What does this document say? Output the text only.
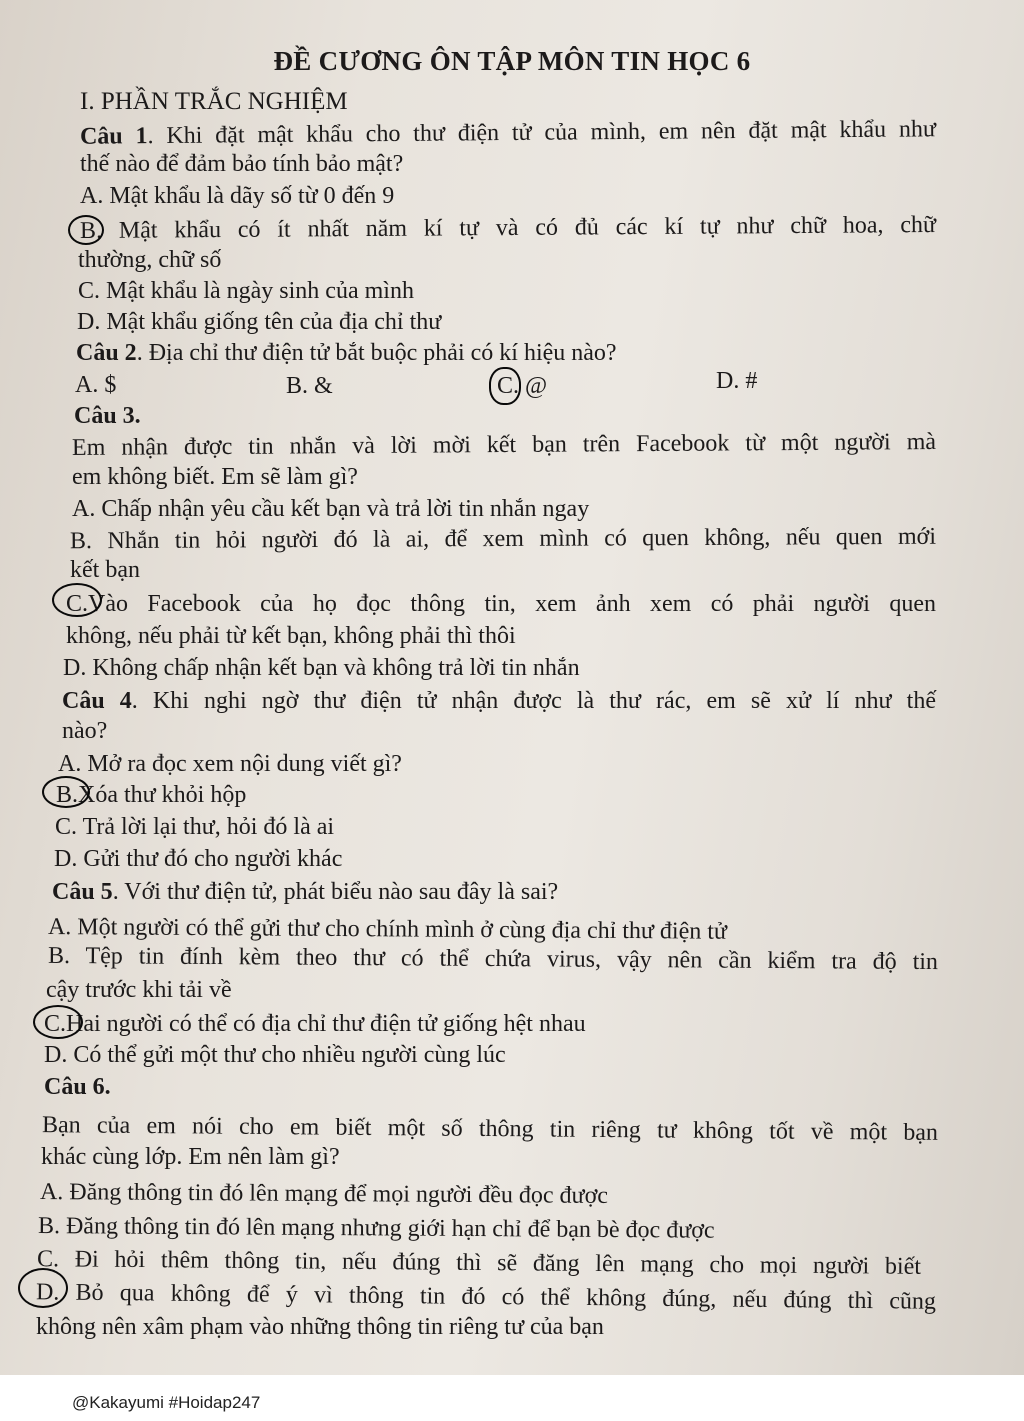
ĐỀ CƯƠNG ÔN TẬP MÔN TIN HỌC 6
I. PHẦN TRẮC NGHIỆM
Câu 1. Khi đặt mật khẩu cho thư điện tử của mình, em nên đặt mật khẩu như
thế nào để đảm bảo tính bảo mật?
A. Mật khẩu là dãy số từ 0 đến 9
B. Mật khẩu có ít nhất năm kí tự và có đủ các kí tự như chữ hoa, chữ
thường, chữ số
C. Mật khẩu là ngày sinh của mình
D. Mật khẩu giống tên của địa chỉ thư
Câu 2. Địa chỉ thư điện tử bắt buộc phải có kí hiệu nào?
A. $	B. &	C. @	D. #
Câu 3.
Em nhận được tin nhắn và lời mời kết bạn trên Facebook từ một người mà
em không biết. Em sẽ làm gì?
A. Chấp nhận yêu cầu kết bạn và trả lời tin nhắn ngay
B. Nhắn tin hỏi người đó là ai, để xem mình có quen không, nếu quen mới
kết bạn
C.Vào Facebook của họ đọc thông tin, xem ảnh xem có phải người quen
không, nếu phải từ kết bạn, không phải thì thôi
D. Không chấp nhận kết bạn và không trả lời tin nhắn
Câu 4. Khi nghi ngờ thư điện tử nhận được là thư rác, em sẽ xử lí như thế
nào?
A. Mở ra đọc xem nội dung viết gì?
B.Xóa thư khỏi hộp
C. Trả lời lại thư, hỏi đó là ai
D. Gửi thư đó cho người khác
Câu 5. Với thư điện tử, phát biểu nào sau đây là sai?
A. Một người có thể gửi thư cho chính mình ở cùng địa chỉ thư điện tử
B. Tệp tin đính kèm theo thư có thể chứa virus, vậy nên cần kiểm tra độ tin
cậy trước khi tải về
C.Hai người có thể có địa chỉ thư điện tử giống hệt nhau
D. Có thể gửi một thư cho nhiều người cùng lúc
Câu 6.
Bạn của em nói cho em biết một số thông tin riêng tư không tốt về một bạn
khác cùng lớp. Em nên làm gì?
A. Đăng thông tin đó lên mạng để mọi người đều đọc được
B. Đăng thông tin đó lên mạng nhưng giới hạn chỉ để bạn bè đọc được
C. Đi hỏi thêm thông tin, nếu đúng thì sẽ đăng lên mạng cho mọi người biết
D. Bỏ qua không để ý vì thông tin đó có thể không đúng, nếu đúng thì cũng
không nên xâm phạm vào những thông tin riêng tư của bạn
@Kakayumi #Hoidap247
